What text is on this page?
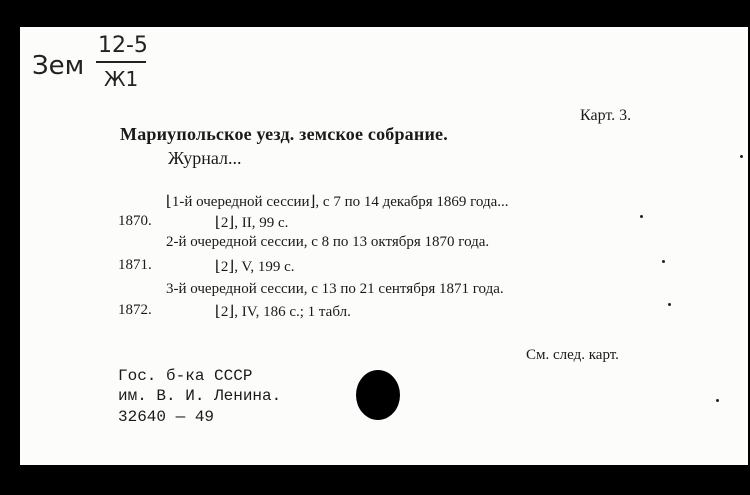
Зем
12-5
Ж1
Карт. 3.
Мариупольское уезд. земское собрание.
Журнал...
⌊1-й очередной сессии⌋, с 7 по 14 декабря 1869 года...
1870.	⌊2⌋, II, 99 с.
2-й очередной сессии, с 8 по 13 октября 1870 года.
1871.	⌊2⌋, V, 199 с.
3-й очередной сессии, с 13 по 21 сентября 1871 года.
1872.	⌊2⌋, IV, 186 с.; 1 табл.
См. след. карт.
Гос. б-ка СССР
им. В. И. Ленина.
32640 — 49
